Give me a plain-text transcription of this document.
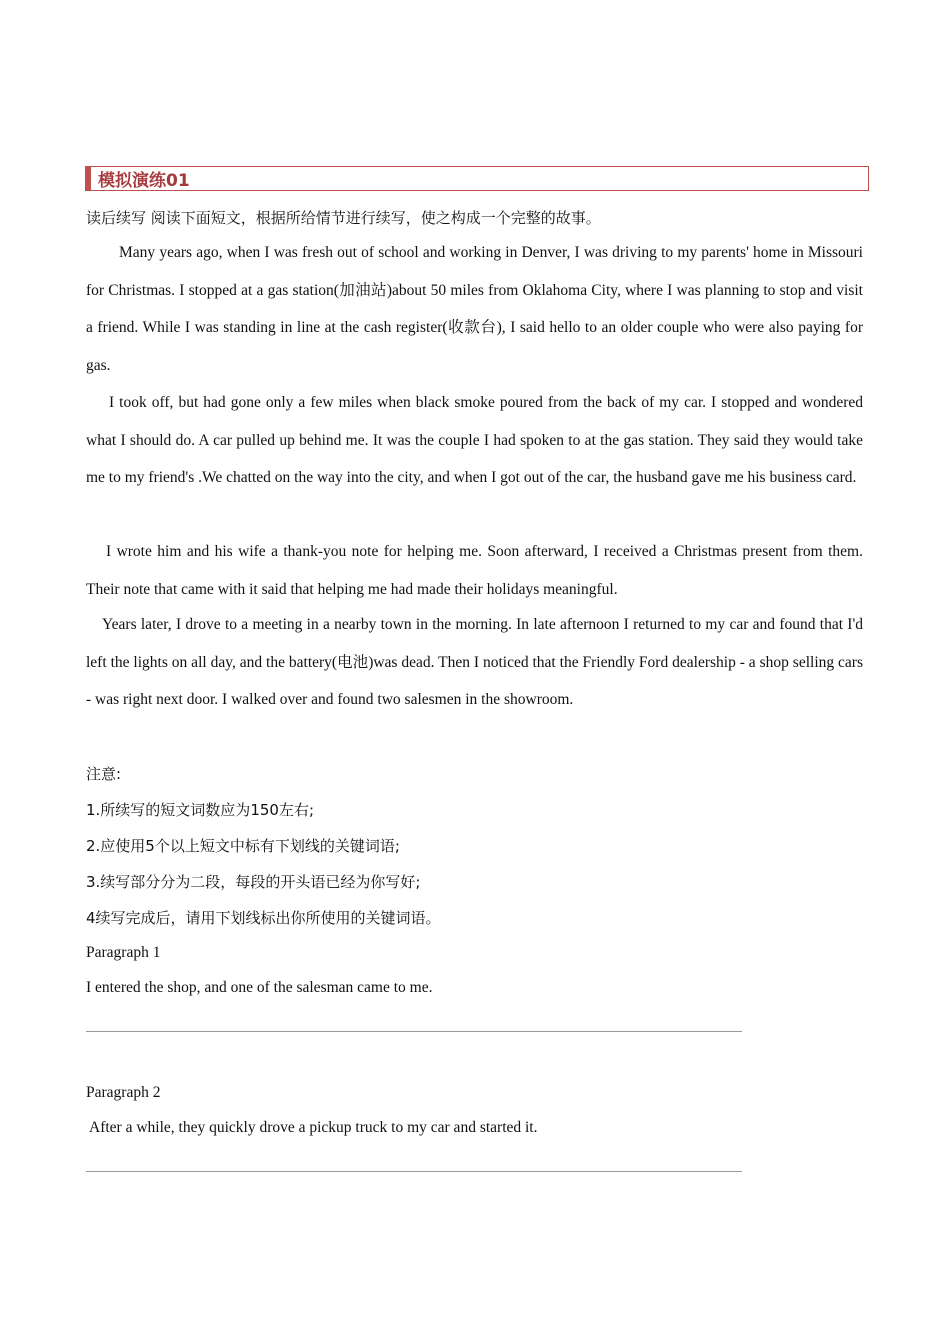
模拟演练01
读后续写 阅读下面短文，根据所给情节进行续写，使之构成一个完整的故事。
Many years ago, when I was fresh out of school and working in Denver, I was driving to my parents' home in Missouri for Christmas. I stopped at a gas station(加油站)about 50 miles from Oklahoma City, where I was planning to stop and visit a friend. While I was standing in line at the cash register(收款台), I said hello to an older couple who were also paying for gas.
I took off, but had gone only a few miles when black smoke poured from the back of my car. I stopped and wondered what I should do. A car pulled up behind me. It was the couple I had spoken to at the gas station. They said they would take me to my friend's .We chatted on the way into the city, and when I got out of the car, the husband gave me his business card.
I wrote him and his wife a thank-you note for helping me. Soon afterward, I received a Christmas present from them. Their note that came with it said that helping me had made their holidays meaningful.
Years later, I drove to a meeting in a nearby town in the morning. In late afternoon I returned to my car and found that I'd left the lights on all day, and the battery(电池)was dead. Then I noticed that the Friendly Ford dealership - a shop selling cars - was right next door. I walked over and found two salesmen in the showroom.
注意:
1.所续写的短文词数应为150左右;
2.应使用5个以上短文中标有下划线的关键词语;
3.续写部分分为二段，每段的开头语已经为你写好;
4续写完成后，请用下划线标出你所使用的关键词语。
Paragraph 1
I entered the shop, and one of the salesman came to me.
Paragraph 2
After a while, they quickly drove a pickup truck to my car and started it.
